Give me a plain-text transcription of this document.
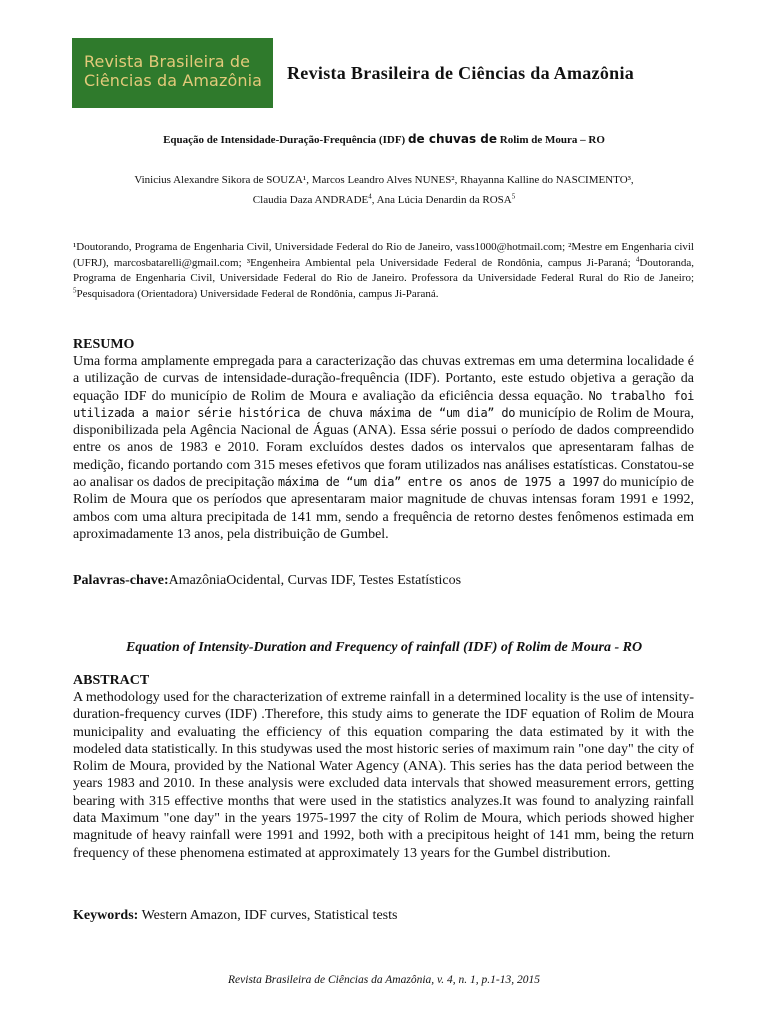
Revista Brasileira de
Ciências da Amazônia	Revista Brasileira de Ciências da Amazônia
Equação de Intensidade-Duração-Frequência (IDF) de chuvas de Rolim de Moura – RO
Vinicius Alexandre Sikora de SOUZA¹, Marcos Leandro Alves NUNES², Rhayanna Kalline do NASCIMENTO³,
Claudia Daza ANDRADE$^4$, Ana Lúcia Denardin da ROSA$^5$
¹Doutorando, Programa de Engenharia Civil, Universidade Federal do Rio de Janeiro, vass1000@hotmail.com; ²Mestre em Engenharia civil (UFRJ), marcosbatarelli@gmail.com; ³Engenheira Ambiental pela Universidade Federal de Rondônia, campus Ji-Paraná; $^4$Doutoranda, Programa de Engenharia Civil, Universidade Federal do Rio de Janeiro. Professora da Universidade Federal Rural do Rio de Janeiro; $^5$Pesquisadora (Orientadora) Universidade Federal de Rondônia, campus Ji-Paraná.
RESUMO
Uma forma amplamente empregada para a caracterização das chuvas extremas em uma determina localidade é a utilização de curvas de intensidade-duração-frequência (IDF). Portanto, este estudo objetiva a geração da equação IDF do município de Rolim de Moura e avaliação da eficiência dessa equação. No trabalho foi utilizada a maior série histórica de chuva máxima de “um dia” do município de Rolim de Moura, disponibilizada pela Agência Nacional de Águas (ANA). Essa série possui o período de dados compreendido entre os anos de 1983 e 2010. Foram excluídos destes dados os intervalos que apresentaram falhas de medição, ficando portando com 315 meses efetivos que foram utilizados nas análises estatísticas. Constatou-se ao analisar os dados de precipitação máxima de “um dia” entre os anos de 1975 a 1997 do município de Rolim de Moura que os períodos que apresentaram maior magnitude de chuvas intensas foram 1991 e 1992, ambos com uma altura precipitada de 141 mm, sendo a frequência de retorno destes fenômenos estimada em aproximadamente 13 anos, pela distribuição de Gumbel.
Palavras-chave:AmazôniaOcidental, Curvas IDF, Testes Estatísticos
Equation of Intensity-Duration and Frequency of rainfall (IDF) of Rolim de Moura - RO
ABSTRACT
A methodology used for the characterization of extreme rainfall in a determined locality is the use of intensity-duration-frequency curves (IDF) .Therefore, this study aims to generate the IDF equation of Rolim de Moura municipality and evaluating the efficiency of this equation comparing the data estimated by it with the modeled data statistically. In this studywas used the most historic series of maximum rain "one day" the city of Rolim de Moura, provided by the National Water Agency (ANA). This series has the data period between the years 1983 and 2010. In these analysis were excluded data intervals that showed measurement errors, getting bearing with 315 effective months that were used in the statistics analyzes.It was found to analyzing rainfall data Maximum "one day" in the years 1975-1997 the city of Rolim de Moura, which periods showed higher magnitude of heavy rainfall were 1991 and 1992, both with a precipitous height of 141 mm, being the return frequency of these phenomena estimated at approximately 13 years for the Gumbel distribution.
Keywords: Western Amazon, IDF curves, Statistical tests
Revista Brasileira de Ciências da Amazônia, v. 4, n. 1, p.1-13, 2015
